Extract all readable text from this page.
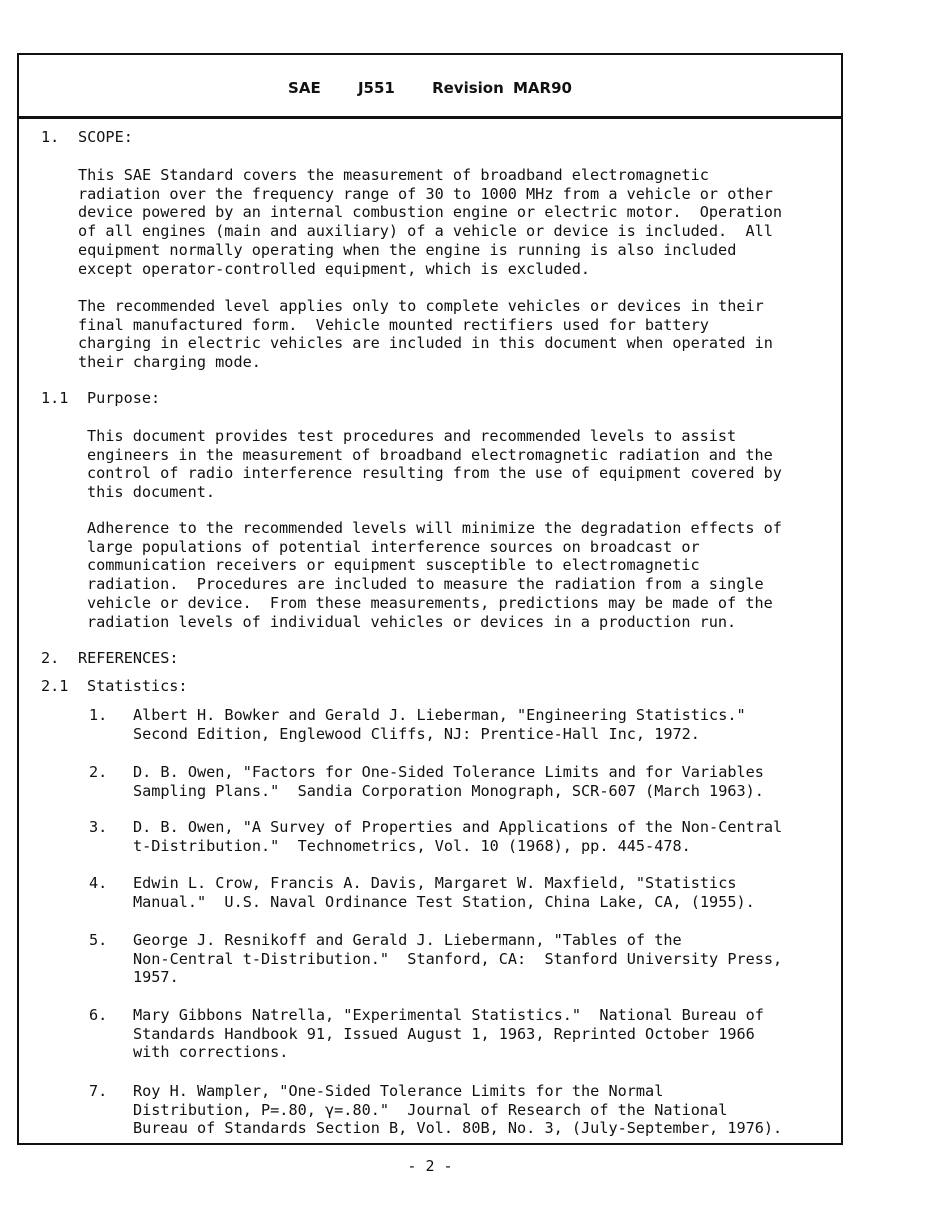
SAE J551 Revision MAR90
1. SCOPE:
This SAE Standard covers the measurement of broadband electromagnetic
radiation over the frequency range of 30 to 1000 MHz from a vehicle or other
device powered by an internal combustion engine or electric motor.  Operation
of all engines (main and auxiliary) of a vehicle or device is included.  All
equipment normally operating when the engine is running is also included
except operator-controlled equipment, which is excluded.
The recommended level applies only to complete vehicles or devices in their
final manufactured form.  Vehicle mounted rectifiers used for battery
charging in electric vehicles are included in this document when operated in
their charging mode.
1.1 Purpose:
This document provides test procedures and recommended levels to assist
engineers in the measurement of broadband electromagnetic radiation and the
control of radio interference resulting from the use of equipment covered by
this document.
Adherence to the recommended levels will minimize the degradation effects of
large populations of potential interference sources on broadcast or
communication receivers or equipment susceptible to electromagnetic
radiation.  Procedures are included to measure the radiation from a single
vehicle or device.  From these measurements, predictions may be made of the
radiation levels of individual vehicles or devices in a production run.
2. REFERENCES:
2.1 Statistics:
1. Albert H. Bowker and Gerald J. Lieberman, "Engineering Statistics."
Second Edition, Englewood Cliffs, NJ: Prentice-Hall Inc, 1972.
2. D. B. Owen, "Factors for One-Sided Tolerance Limits and for Variables
Sampling Plans."  Sandia Corporation Monograph, SCR-607 (March 1963).
3. D. B. Owen, "A Survey of Properties and Applications of the Non-Central
t-Distribution."  Technometrics, Vol. 10 (1968), pp. 445-478.
4. Edwin L. Crow, Francis A. Davis, Margaret W. Maxfield, "Statistics
Manual."  U.S. Naval Ordinance Test Station, China Lake, CA, (1955).
5. George J. Resnikoff and Gerald J. Liebermann, "Tables of the
Non-Central t-Distribution."  Stanford, CA:  Stanford University Press,
1957.
6. Mary Gibbons Natrella, "Experimental Statistics."  National Bureau of
Standards Handbook 91, Issued August 1, 1963, Reprinted October 1966
with corrections.
7. Roy H. Wampler, "One-Sided Tolerance Limits for the Normal
Distribution, P=.80, γ=.80."  Journal of Research of the National
Bureau of Standards Section B, Vol. 80B, No. 3, (July-September, 1976).
- 2 -
